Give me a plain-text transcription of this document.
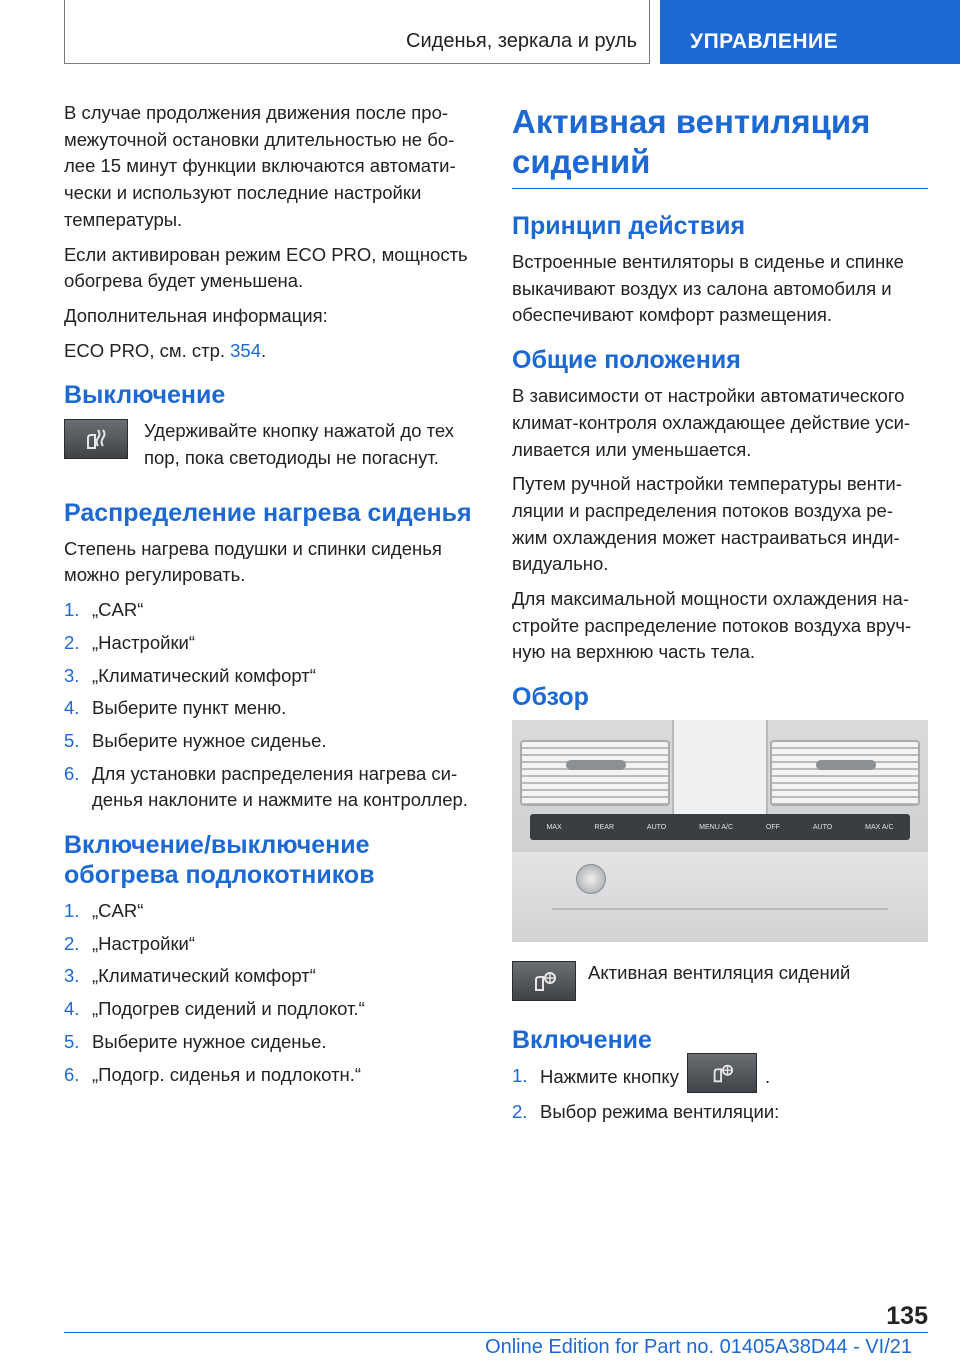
Сиденья, зеркала и руль	УПРАВЛЕНИЕ

В случае продолжения движения после про-межуточной остановки длительностью не бо-лее 15 минут функции включаются автомати-чески и используют последние настройки температуры.

Если активирован режим ECO PRO, мощность обогрева будет уменьшена.

Дополнительная информация:

ECO PRO, см. стр. 354.

Выключение

Удерживайте кнопку нажатой до тех пор, пока светодиоды не погаснут.

Распределение нагрева сиденья

Степень нагрева подушки и спинки сиденья можно регулировать.

1. „CAR“
2. „Настройки“
3. „Климатический комфорт“
4. Выберите пункт меню.
5. Выберите нужное сиденье.
6. Для установки распределения нагрева си-денья наклоните и нажмите на контроллер.
Включение/выключение обогрева подлокотников
1. „CAR“
2. „Настройки“
3. „Климатический комфорт“
4. „Подогрев сидений и подлокот.“
5. Выберите нужное сиденье.
6. „Подогр. сиденья и подлокотн.“
Активная вентиляция сидений
Принцип действия

Встроенные вентиляторы в сиденье и спинке выкачивают воздух из салона автомобиля и обеспечивают комфорт размещения.

Общие положения

В зависимости от настройки автоматического климат-контроля охлаждающее действие уси-ливается или уменьшается.

Путем ручной настройки температуры венти-ляции и распределения потоков воздуха ре-жим охлаждения может настраиваться инди-видуально.

Для максимальной мощности охлаждения на-стройте распределение потоков воздуха вруч-ную на верхнюю часть тела.

Обзор
MAX	REAR	AUTO	MENU A/C	OFF	AUTO	MAX A/C

Активная вентиляция сидений

Включение
1. Нажмите кнопку	.
2. Выбор режима вентиляции:
135
Online Edition for Part no. 01405A38D44 - VI/21
